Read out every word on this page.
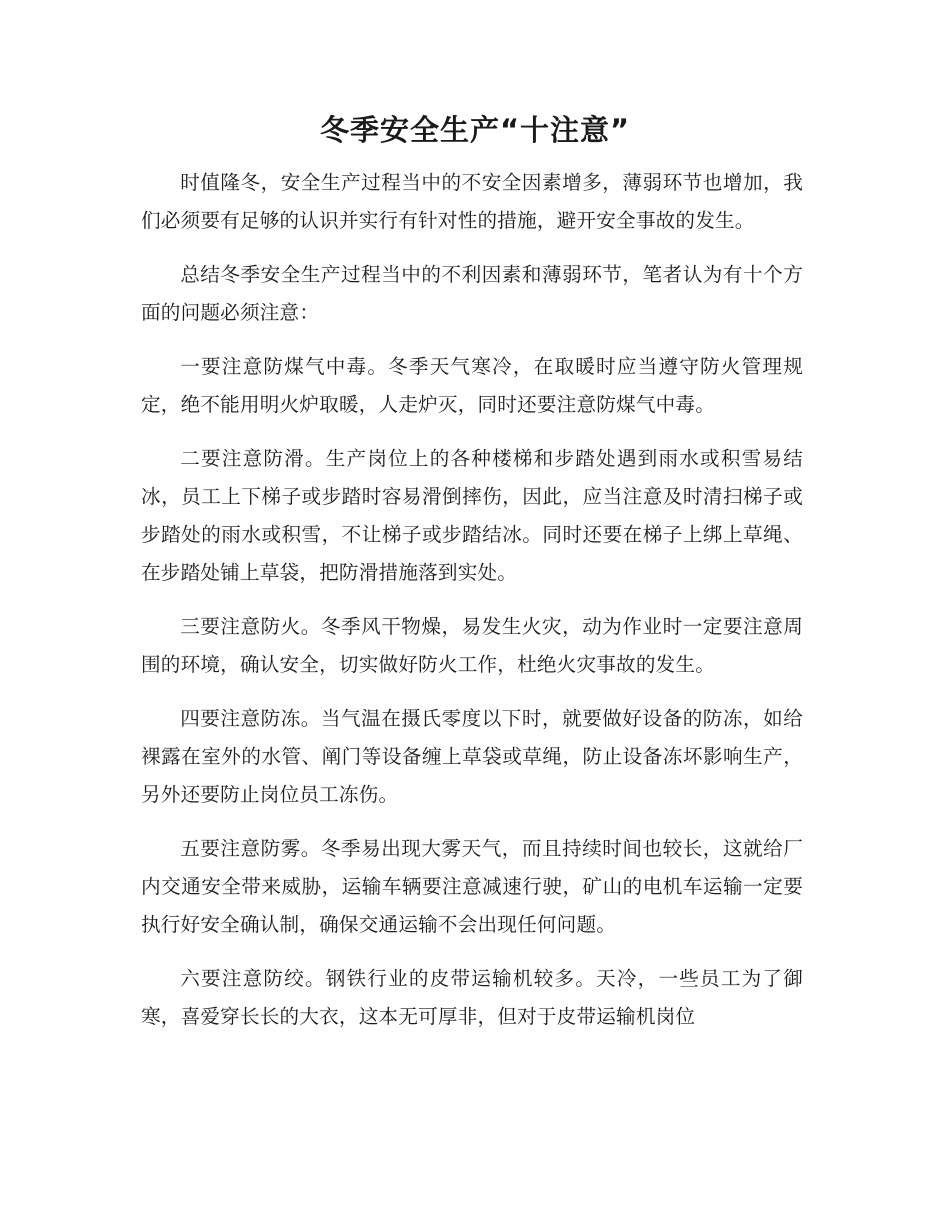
冬季安全生产“十注意”

时值隆冬，安全生产过程当中的不安全因素增多，薄弱环节也增加，我们必须要有足够的认识并实行有针对性的措施，避开安全事故的发生。

总结冬季安全生产过程当中的不利因素和薄弱环节，笔者认为有十个方面的问题必须注意：

一要注意防煤气中毒。冬季天气寒冷，在取暖时应当遵守防火管理规定，绝不能用明火炉取暖，人走炉灭，同时还要注意防煤气中毒。

二要注意防滑。生产岗位上的各种楼梯和步踏处遇到雨水或积雪易结冰，员工上下梯子或步踏时容易滑倒摔伤，因此，应当注意及时清扫梯子或步踏处的雨水或积雪，不让梯子或步踏结冰。同时还要在梯子上绑上草绳、在步踏处铺上草袋，把防滑措施落到实处。

三要注意防火。冬季风干物燥，易发生火灾，动为作业时一定要注意周围的环境，确认安全，切实做好防火工作，杜绝火灾事故的发生。

四要注意防冻。当气温在摄氏零度以下时，就要做好设备的防冻，如给裸露在室外的水管、阐门等设备缠上草袋或草绳，防止设备冻坏影响生产，另外还要防止岗位员工冻伤。

五要注意防雾。冬季易出现大雾天气，而且持续时间也较长，这就给厂内交通安全带来威胁，运输车辆要注意减速行驶，矿山的电机车运输一定要执行好安全确认制，确保交通运输不会出现任何问题。

六要注意防绞。钢铁行业的皮带运输机较多。天冷，一些员工为了御寒，喜爱穿长长的大衣，这本无可厚非，但对于皮带运输机岗位
